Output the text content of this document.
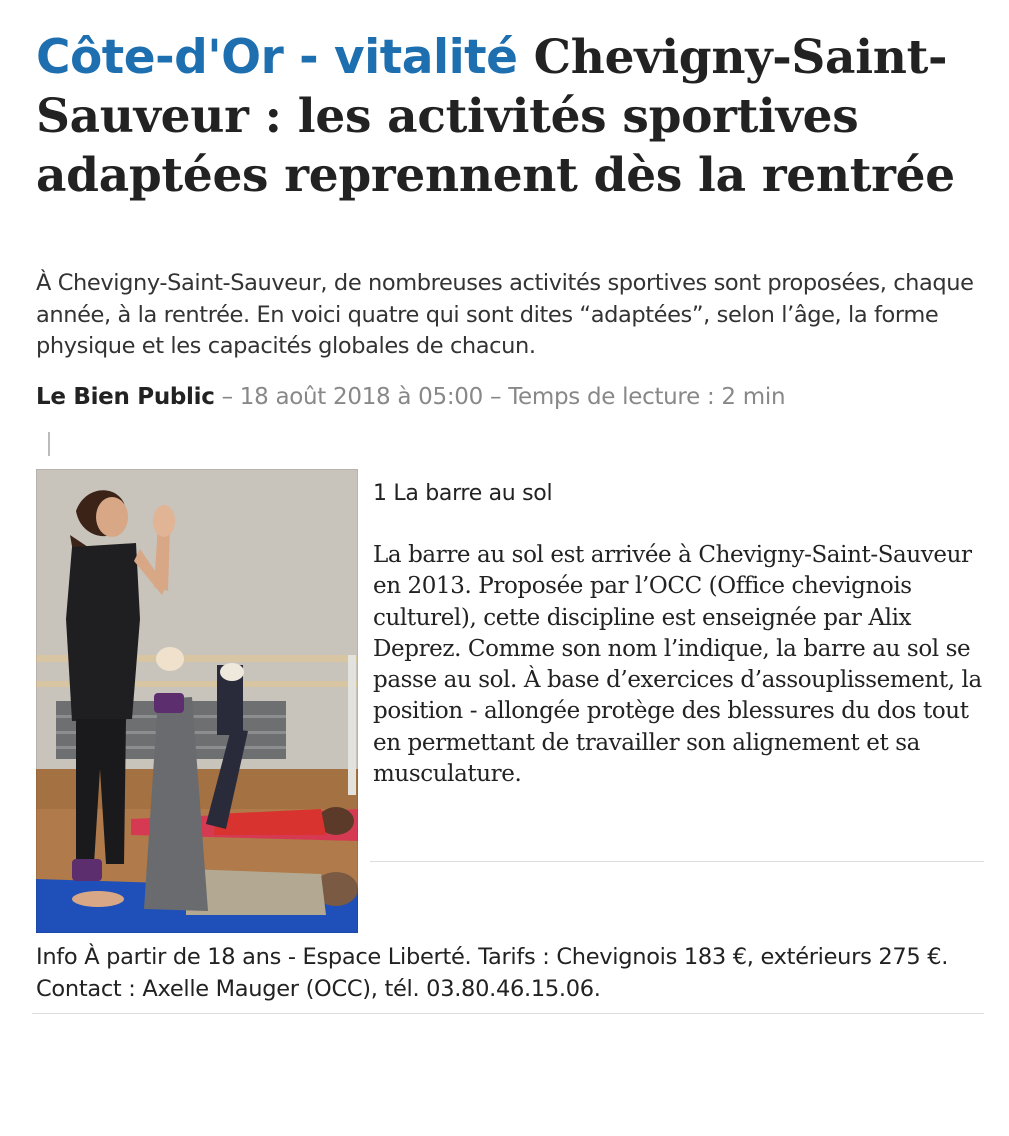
Côte-d'Or - vitalité Chevigny-Saint-Sauveur : les activités sportives adaptées reprennent dès la rentrée

À Chevigny-Saint-Sauveur, de nombreuses activités sportives sont proposées, chaque année, à la rentrée. En voici quatre qui sont dites “adaptées”, selon l’âge, la forme physique et les capacités globales de chacun.

Le Bien Public – 18 août 2018 à 05:00 – Temps de lecture : 2 min

1 La barre au sol

La barre au sol est arrivée à Chevigny-Saint-Sauveur en 2013. Proposée par l’OCC (Office chevignois culturel), cette discipline est enseignée par Alix Deprez. Comme son nom l’indique, la barre au sol se passe au sol. À base d’exercices d’assouplissement, la position - allongée protège des blessures du dos tout en permettant de travailler son alignement et sa musculature.

Info À partir de 18 ans - Espace Liberté. Tarifs : Chevignois 183 €, extérieurs 275 €. Contact : Axelle Mauger (OCC), tél. 03.80.46.15.06.
